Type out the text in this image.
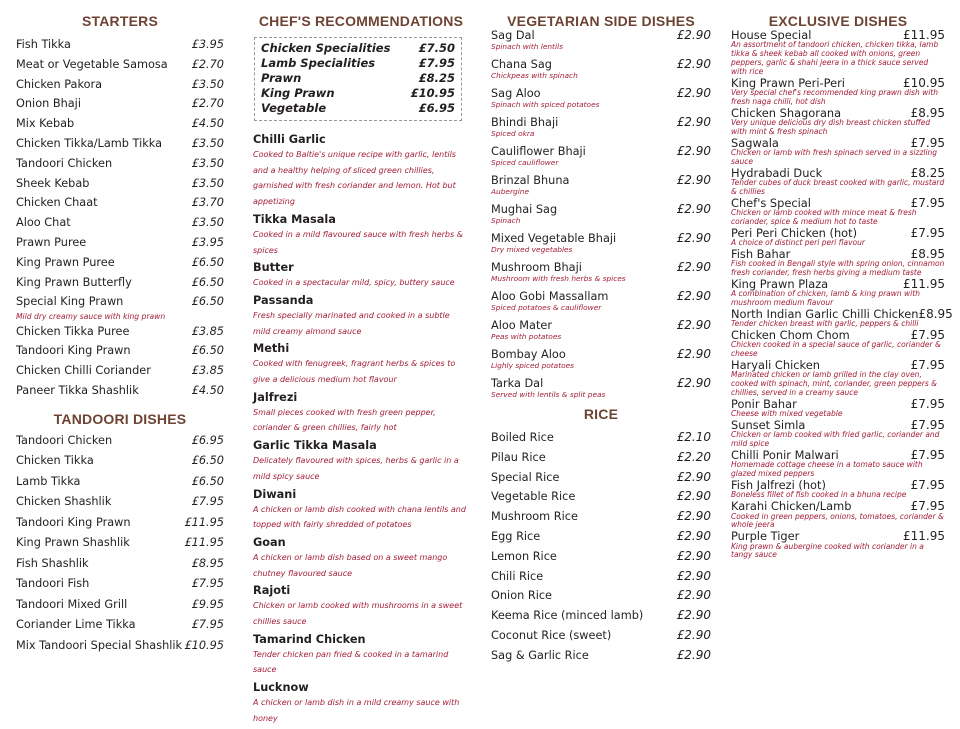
STARTERS
Fish Tikka	£3.95
Meat or Vegetable Samosa £2.70
Chicken Pakora	£3.50
Onion Bhaji	£2.70
Mix Kebab	£4.50
Chicken Tikka/Lamb Tikka	£3.50
Tandoori Chicken	£3.50
Sheek Kebab	£3.50
Chicken Chaat	£3.70
Aloo Chat	£3.50
Prawn Puree	£3.95
King Prawn Puree	£6.50
King Prawn Butterfly	£6.50
Special King Prawn	£6.50
Mild dry creamy sauce with king prawn
Chicken Tikka Puree	£3.85
Tandoori King Prawn	£6.50
Chicken Chilli Coriander	£3.85
Paneer Tikka Shashlik	£4.50
TANDOORI DISHES
Tandoori Chicken	£6.95
Chicken Tikka	£6.50
Lamb Tikka	£6.50
Chicken Shashlik	£7.95
Tandoori King Prawn	£11.95
King Prawn Shashlik	£11.95
Fish Shashlik	£8.95
Tandoori Fish	£7.95
Tandoori Mixed Grill	£9.95
Coriander Lime Tikka	£7.95
Mix Tandoori Special Shashlik £10.95
CHEF'S RECOMMENDATIONS
Chicken Specialities £7.50
Lamb Specialities	£7.95
Prawn	£8.25
King Prawn	£10.95
Vegetable	£6.95
Chilli Garlic
Cooked to Baltie's unique recipe with garlic, lentils and a healthy helping of sliced green chillies, garnished with fresh coriander and lemon. Hot but appetizing
Tikka Masala
Cooked in a mild flavoured sauce with fresh herbs & spices
Butter
Cooked in a spectacular mild, spicy, buttery sauce
Passanda
Fresh specially marinated and cooked in a subtle mild creamy almond sauce
Methi
Cooked with fenugreek, fragrant herbs & spices to give a delicious medium hot flavour
Jalfrezi
Small pieces cooked with fresh green pepper, coriander & green chillies, fairly hot
Garlic Tikka Masala
Delicately flavoured with spices, herbs & garlic in a mild spicy sauce
Diwani
A chicken or lamb dish cooked with chana lentils and topped with fairly shredded of potatoes
Goan
A chicken or lamb dish based on a sweet mango chutney flavoured sauce
Rajoti
Chicken or lamb cooked with mushrooms in a sweet chillies sauce
Tamarind Chicken
Tender chicken pan fried & cooked in a tamarind sauce
Lucknow
A chicken or lamb dish in a mild creamy sauce with honey
VEGETARIAN SIDE DISHES
Sag Dal	£2.90
Spinach with lentils
Chana Sag	£2.90
Chickpeas with spinach
Sag Aloo	£2.90
Spinach with spiced potatoes
Bhindi Bhaji	£2.90
Spiced okra
Cauliflower Bhaji	£2.90
Spiced cauliflower
Brinzal Bhuna	£2.90
Aubergine
Mughai Sag	£2.90
Spinach
Mixed Vegetable Bhaji	£2.90
Dry mixed vegetables
Mushroom Bhaji	£2.90
Mushroom with fresh herbs & spices
Aloo Gobi Massallam	£2.90
Spiced potatoes & cauliflower
Aloo Mater	£2.90
Peas with potatoes
Bombay Aloo	£2.90
Lighly spiced potatoes
Tarka Dal	£2.90
Served with lentils & split peas
RICE
Boiled Rice	£2.10
Pilau Rice	£2.20
Special Rice	£2.90
Vegetable Rice	£2.90
Mushroom Rice	£2.90
Egg Rice	£2.90
Lemon Rice	£2.90
Chili Rice	£2.90
Onion Rice	£2.90
Keema Rice (minced lamb)	£2.90
Coconut Rice (sweet)	£2.90
Sag & Garlic Rice	£2.90
EXCLUSIVE DISHES
House Special	£11.95
An assortment of tandoori chicken, chicken tikka, lamb tikka & sheek kebab all cooked with onions, green peppers, garlic & shahi jeera in a thick sauce served with rice
King Prawn Peri-Peri	£10.95
Very special chef's recommended king prawn dish with fresh naga chilli, hot dish
Chicken Shagorana	£8.95
Very unique delicious dry dish breast chicken stuffed with mint & fresh spinach
Sagwala	£7.95
Chicken or lamb with fresh spinach served in a sizzling sauce
Hydrabadi Duck	£8.25
Tender cubes of duck breast cooked with garlic, mustard & chillies
Chef's Special	£7.95
Chicken or lamb cooked with mince meat & fresh coriander, spice & medium hot to taste
Peri Peri Chicken (hot)	£7.95
A choice of distinct peri peri flavour
Fish Bahar	£8.95
Fish cooked in Bengali style with spring onion, cinnamon fresh coriander, fresh herbs giving a medium taste
King Prawn Plaza	£11.95
A combination of chicken, lamb & king prawn with mushroom medium flavour
North Indian Garlic Chilli Chicken £8.95
Tender chicken breast with garlic, peppers & chilli
Chicken Chom Chom	£7.95
Chicken cooked in a special sauce of garlic, coriander & cheese
Haryali Chicken	£7.95
Marinated chicken or lamb grilled in the clay oven, cooked with spinach, mint, coriander, green peppers & chillies, served in a creamy sauce
Ponir Bahar	£7.95
Cheese with mixed vegetable
Sunset Simla	£7.95
Chicken or lamb cooked with fried garlic, coriander and mild spice
Chilli Ponir Malwari	£7.95
Homemade cottage cheese in a tomato sauce with glazed mixed peppers
Fish Jalfrezi (hot)	£7.95
Boneless fillet of fish cooked in a bhuna recipe
Karahi Chicken/Lamb	£7.95
Cooked in green peppers, onions, tomatoes, coriander & whole jeera
Purple Tiger	£11.95
King prawn & aubergine cooked with coriander in a tangy sauce
